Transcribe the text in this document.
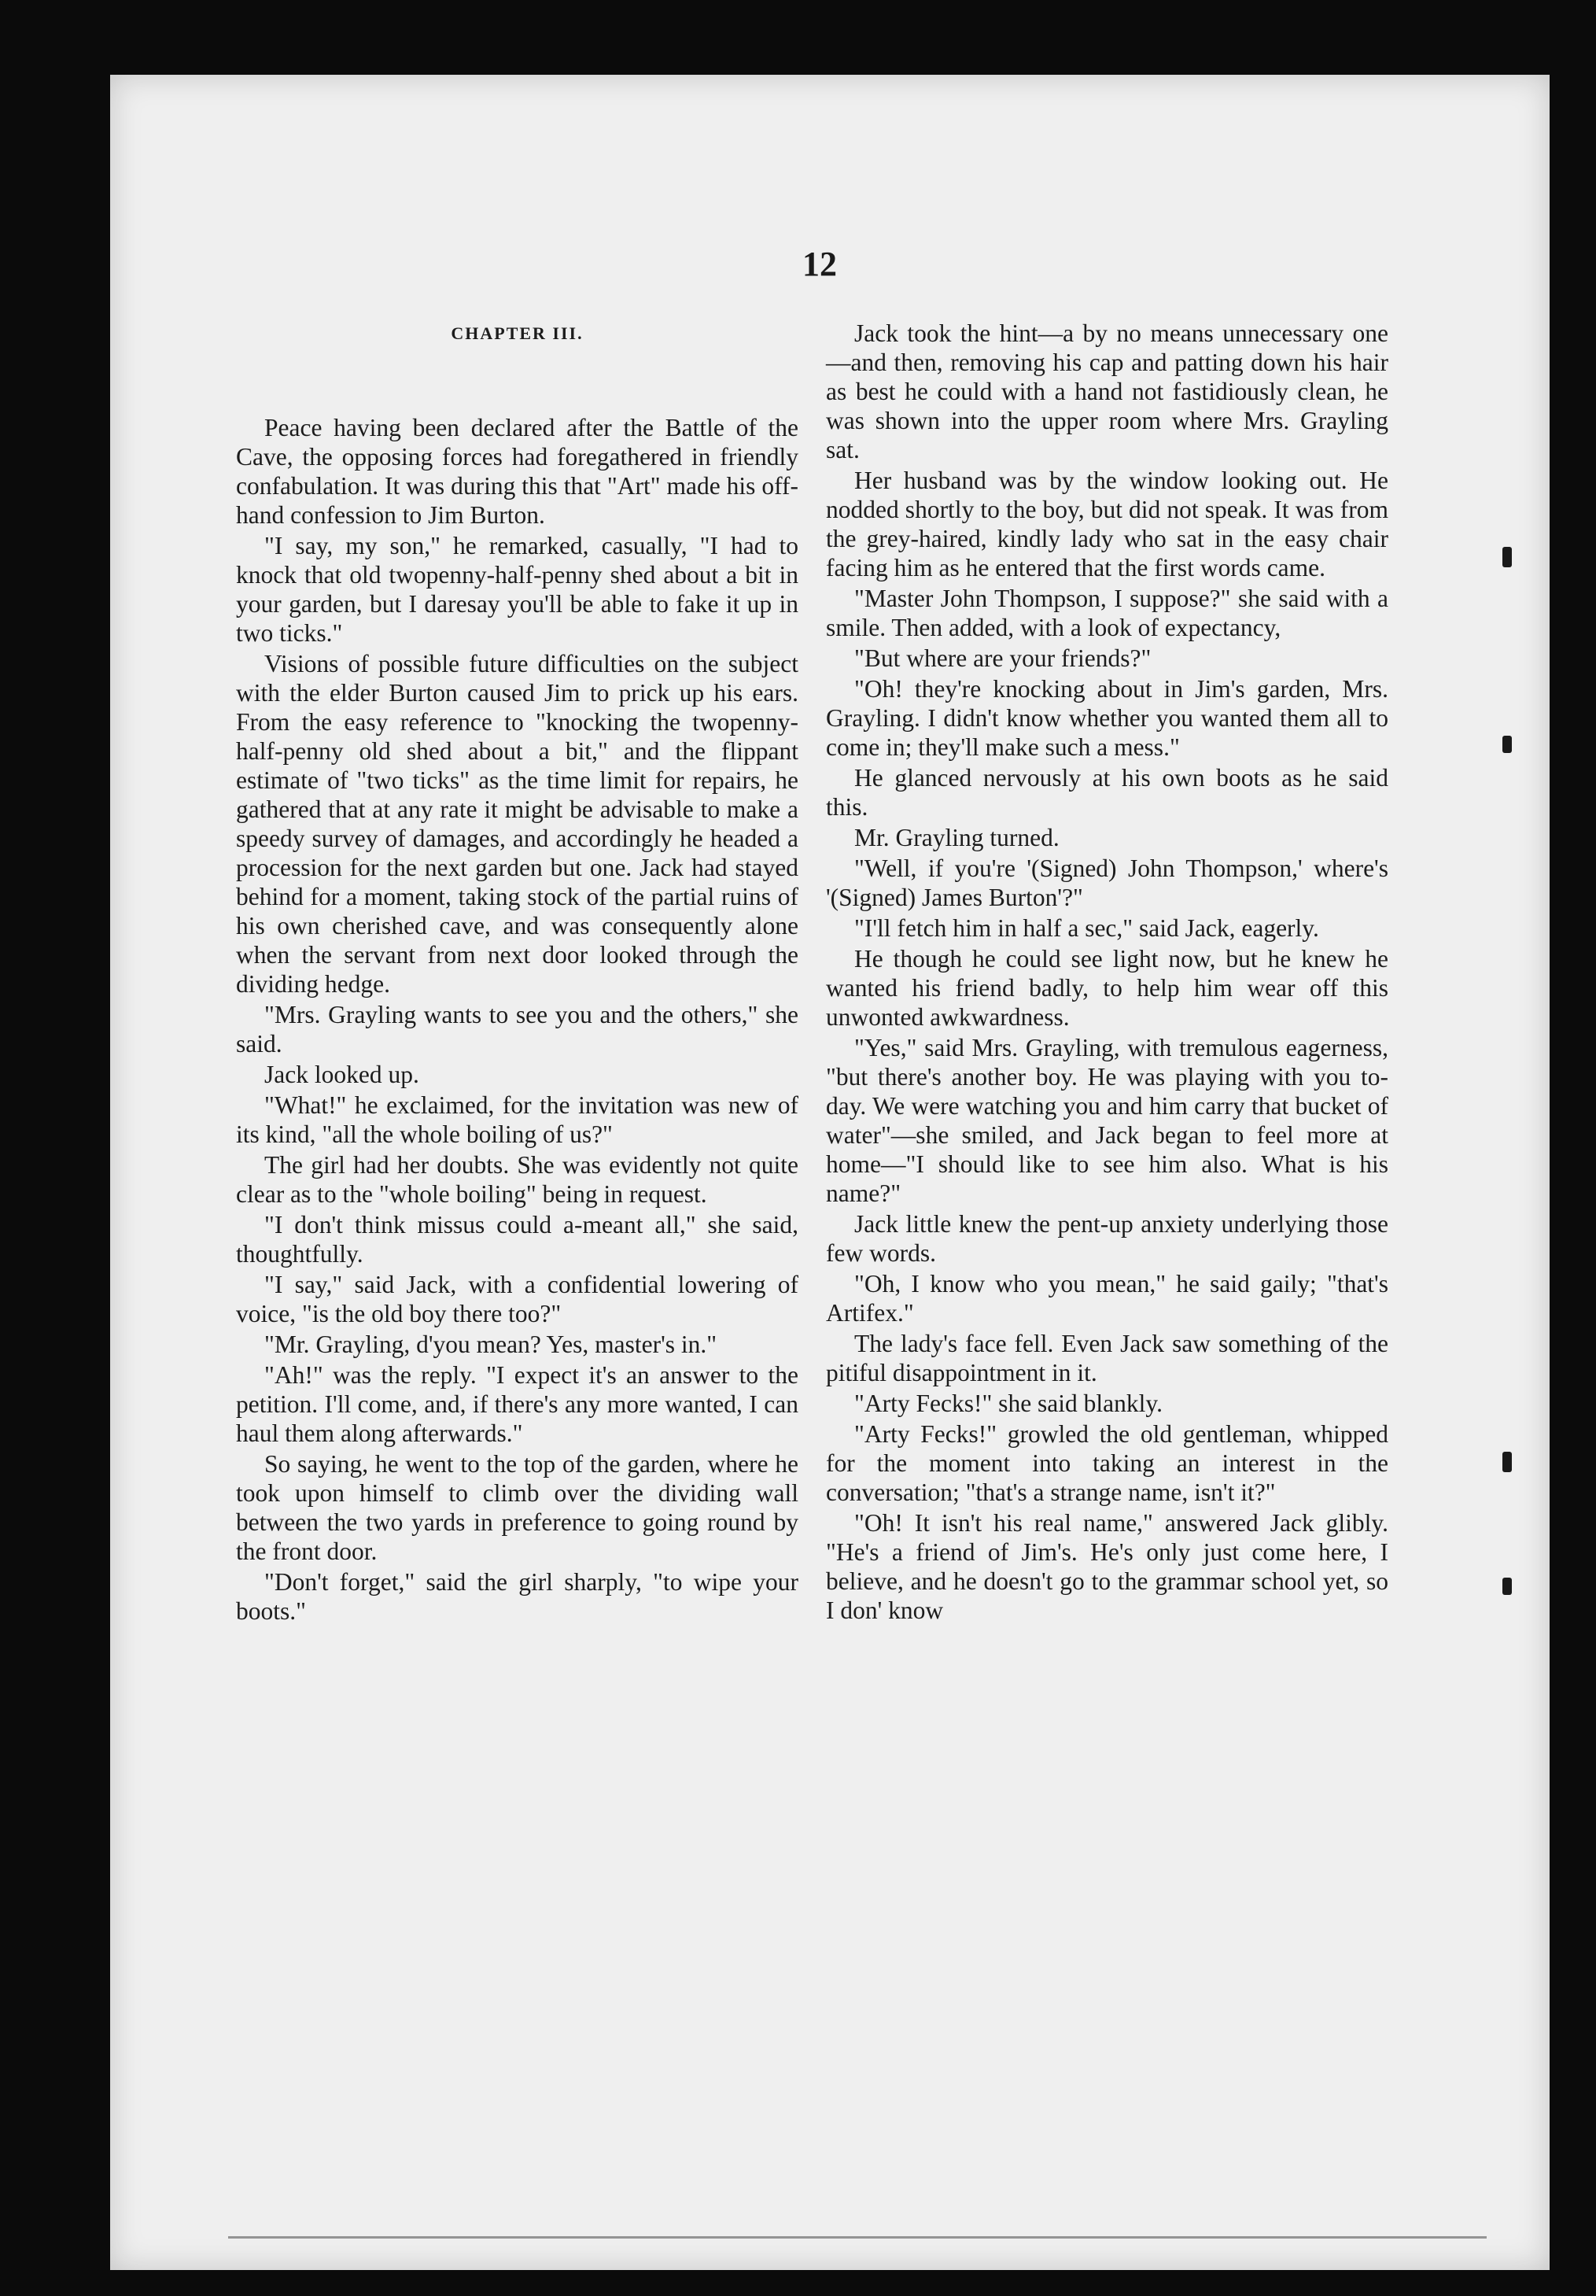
12

CHAPTER III.

Peace having been declared after the Battle of the Cave, the opposing forces had foregathered in friendly confabulation. It was during this that "Art" made his off-hand confession to Jim Burton.

"I say, my son," he remarked, casually, "I had to knock that old twopenny-half-penny shed about a bit in your garden, but I daresay you'll be able to fake it up in two ticks."

Visions of possible future difficulties on the subject with the elder Burton caused Jim to prick up his ears. From the easy reference to "knocking the twopenny-half-penny old shed about a bit," and the flippant estimate of "two ticks" as the time limit for repairs, he gathered that at any rate it might be advisable to make a speedy survey of damages, and accordingly he headed a procession for the next garden but one. Jack had stayed behind for a moment, taking stock of the partial ruins of his own cherished cave, and was consequently alone when the servant from next door looked through the dividing hedge.

"Mrs. Grayling wants to see you and the others," she said.

Jack looked up.

"What!" he exclaimed, for the invitation was new of its kind, "all the whole boiling of us?"

The girl had her doubts. She was evidently not quite clear as to the "whole boiling" being in request.

"I don't think missus could a-meant all," she said, thoughtfully.

"I say," said Jack, with a confidential lowering of voice, "is the old boy there too?"

"Mr. Grayling, d'you mean? Yes, master's in."

"Ah!" was the reply. "I expect it's an answer to the petition. I'll come, and, if there's any more wanted, I can haul them along afterwards."

So saying, he went to the top of the garden, where he took upon himself to climb over the dividing wall between the two yards in preference to going round by the front door.

"Don't forget," said the girl sharply, "to wipe your boots."

Jack took the hint—a by no means unnecessary one—and then, removing his cap and patting down his hair as best he could with a hand not fastidiously clean, he was shown into the upper room where Mrs. Grayling sat.

Her husband was by the window looking out. He nodded shortly to the boy, but did not speak. It was from the grey-haired, kindly lady who sat in the easy chair facing him as he entered that the first words came.

"Master John Thompson, I suppose?" she said with a smile. Then added, with a look of expectancy,

"But where are your friends?"

"Oh! they're knocking about in Jim's garden, Mrs. Grayling. I didn't know whether you wanted them all to come in; they'll make such a mess."

He glanced nervously at his own boots as he said this.

Mr. Grayling turned.

"Well, if you're '(Signed) John Thompson,' where's '(Signed) James Burton'?"

"I'll fetch him in half a sec," said Jack, eagerly.

He though he could see light now, but he knew he wanted his friend badly, to help him wear off this unwonted awkwardness.

"Yes," said Mrs. Grayling, with tremulous eagerness, "but there's another boy. He was playing with you to-day. We were watching you and him carry that bucket of water"—she smiled, and Jack began to feel more at home—"I should like to see him also. What is his name?"

Jack little knew the pent-up anxiety underlying those few words.

"Oh, I know who you mean," he said gaily; "that's Artifex."

The lady's face fell. Even Jack saw something of the pitiful disappointment in it.

"Arty Fecks!" she said blankly.

"Arty Fecks!" growled the old gentleman, whipped for the moment into taking an interest in the conversation; "that's a strange name, isn't it?"

"Oh! It isn't his real name," answered Jack glibly. "He's a friend of Jim's. He's only just come here, I believe, and he doesn't go to the grammar school yet, so I don' know
